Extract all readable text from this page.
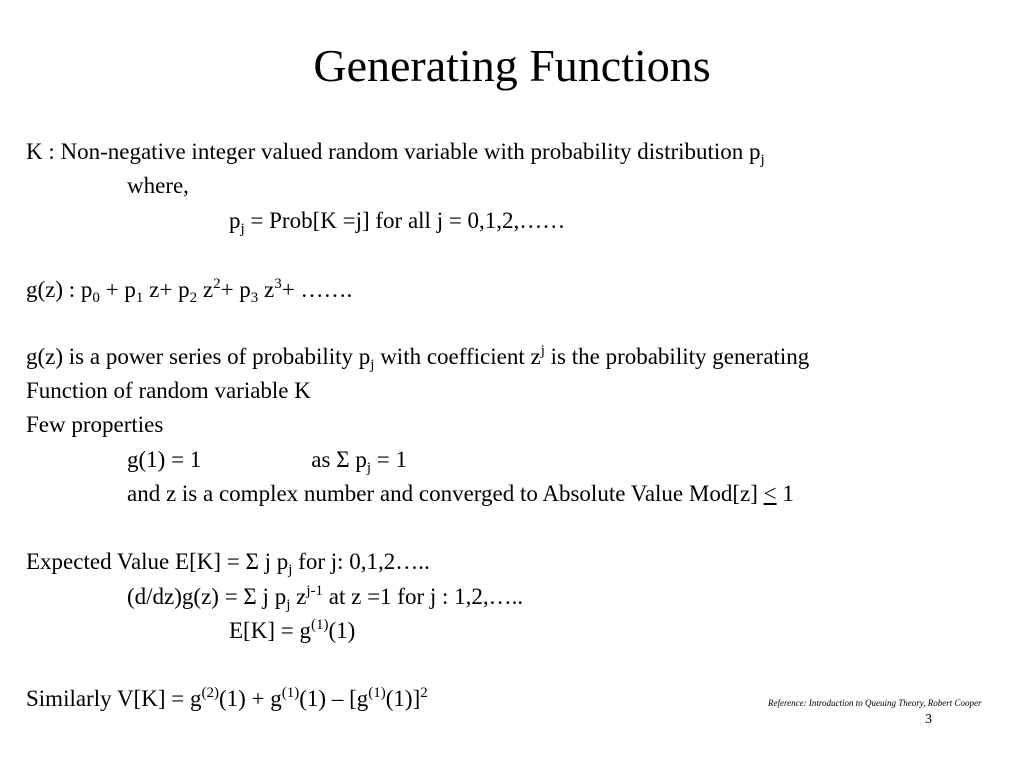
Generating Functions
K : Non-negative integer valued random variable with probability distribution $p_j$
where,
$p_j$ = Prob[K =j] for all j = 0,1,2,……
g(z) : $p_0 + p_1$ $z+ p_2$ $z^2+ p_3$ $z^3+$ …….
g(z) is a power series of probability $p_j$ with coefficient $z^j$ is the probability generating
Function of random variable K
Few properties
g(1) = 1	as Σ $p_j = 1$
and z is a complex number and converged to Absolute Value Mod[z] ≤ 1
Expected Value E[K] = Σ j $p_j$ for j: 0,1,2…..
(d/dz)g(z) = Σ j $p_j$ $z^{j-1}$ at z =1 for j : 1,2,…..
$E[K] = g^{(1)}(1)$
Similarly $V[K] = g^{(2)}(1) + g^{(1)}(1) - [g^{(1)}(1)]^2$
Reference: Introduction to Queuing Theory, Robert Cooper
3
